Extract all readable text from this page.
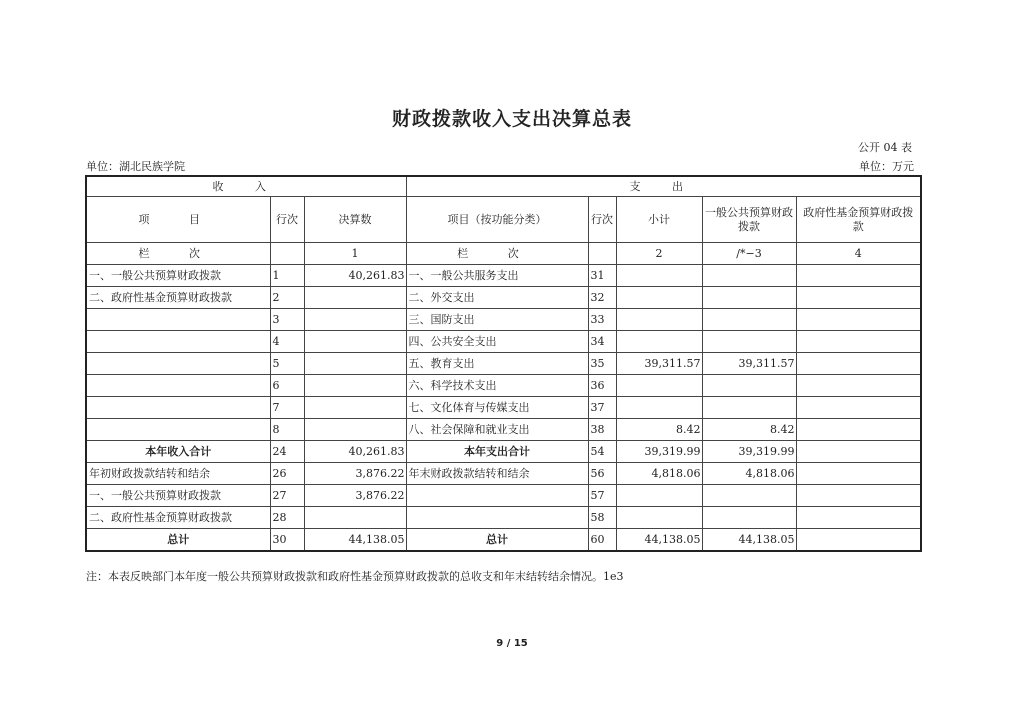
财政拨款收入支出决算总表
公开 04 表
单位：湖北民族学院	单位：万元
收 入			支 出				
项 目	行次	决算数	项目（按功能分类）	行次	小计	一般公共预算财政拨款	政府性基金预算财政拨款
栏 次		1	栏 次		2	/*−3	4
一、一般公共预算财政拨款	1	40,261.83	一、一般公共服务支出	31			
二、政府性基金预算财政拨款	2		二、外交支出	32			
	3		三、国防支出	33			
	4		四、公共安全支出	34			
	5		五、教育支出	35	39,311.57	39,311.57	
	6		六、科学技术支出	36			
	7		七、文化体育与传媒支出	37			
	8		八、社会保障和就业支出	38	8.42	8.42	
本年收入合计	24	40,261.83	本年支出合计	54	39,319.99	39,319.99	
年初财政拨款结转和结余	26	3,876.22	年末财政拨款结转和结余	56	4,818.06	4,818.06	
一、一般公共预算财政拨款	27	3,876.22		57			
二、政府性基金预算财政拨款	28			58			
总计	30	44,138.05	总计	60	44,138.05	44,138.05	
注：本表反映部门本年度一般公共预算财政拨款和政府性基金预算财政拨款的总收支和年末结转结余情况。1e3
9 / 15
